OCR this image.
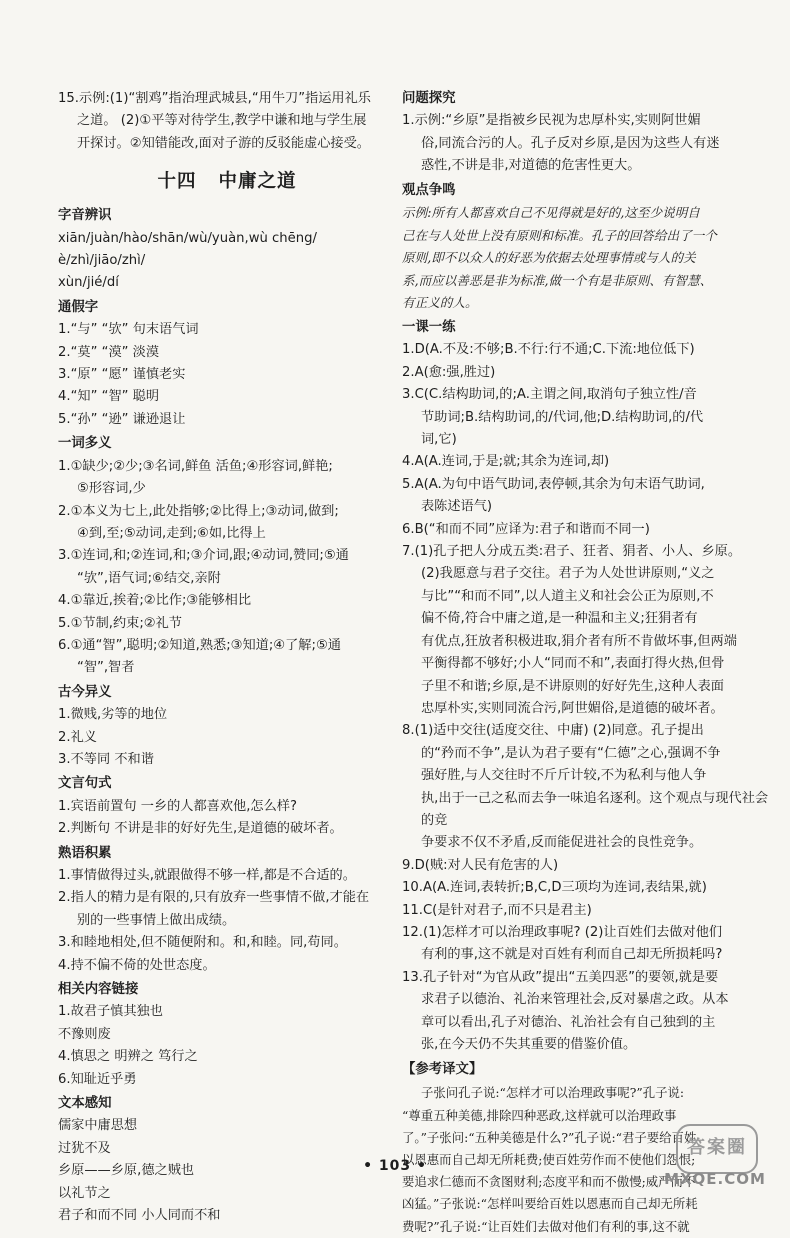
15.示例:(1)“割鸡”指治理武城县,“用牛刀”指运用礼乐
之道。 (2)①平等对待学生,教学中谦和地与学生展
开探讨。②知错能改,面对子游的反驳能虚心接受。
十四 中庸之道
字音辨识
xiān/juàn/hào/shān/wù/yuàn,wù chēng/è/zhì/jiāo/zhì/
xùn/jié/dí
通假字
1.“与” “欤” 句末语气词
2.“莫” “漠” 淡漠
3.“原” “愿” 谨慎老实
4.“知” “智” 聪明
5.“孙” “逊” 谦逊退让
一词多义
1.①缺少;②少;③名词,鲜鱼 活鱼;④形容词,鲜艳;
⑤形容词,少
2.①本义为七上,此处指够;②比得上;③动词,做到;
④到,至;⑤动词,走到;⑥如,比得上
3.①连词,和;②连词,和;③介词,跟;④动词,赞同;⑤通
“欤”,语气词;⑥结交,亲附
4.①靠近,挨着;②比作;③能够相比
5.①节制,约束;②礼节
6.①通“智”,聪明;②知道,熟悉;③知道;④了解;⑤通
“智”,智者
古今异义
1.微贱,劣等的地位
2.礼义
3.不等同 不和谐
文言句式
1.宾语前置句 一乡的人都喜欢他,怎么样?
2.判断句 不讲是非的好好先生,是道德的破坏者。
熟语积累
1.事情做得过头,就跟做得不够一样,都是不合适的。
2.指人的精力是有限的,只有放弃一些事情不做,才能在
别的一些事情上做出成绩。
3.和睦地相处,但不随便附和。和,和睦。同,苟同。
4.持不偏不倚的处世态度。
相关内容链接
1.故君子慎其独也
不豫则废
4.慎思之 明辨之 笃行之
6.知耻近乎勇
文本感知
儒家中庸思想
过犹不及
乡原——乡原,德之贼也
以礼节之
君子和而不同 小人同而不和
问题探究
1.示例:“乡原”是指被乡民视为忠厚朴实,实则阿世媚
俗,同流合污的人。孔子反对乡原,是因为这些人有迷
惑性,不讲是非,对道德的危害性更大。
观点争鸣
示例:所有人都喜欢自己不见得就是好的,这至少说明自
己在与人处世上没有原则和标准。孔子的回答给出了一个
原则,即不以众人的好恶为依据去处理事情或与人的关
系,而应以善恶是非为标准,做一个有是非原则、有智慧、
有正义的人。
一课一练
1.D(A.不及:不够;B.不行:行不通;C.下流:地位低下)
2.A(愈:强,胜过)
3.C(C.结构助词,的;A.主谓之间,取消句子独立性/音
节助词;B.结构助词,的/代词,他;D.结构助词,的/代
词,它)
4.A(A.连词,于是;就;其余为连词,却)
5.A(A.为句中语气助词,表停顿,其余为句末语气助词,
表陈述语气)
6.B(“和而不同”应译为:君子和谐而不同一)
7.(1)孔子把人分成五类:君子、狂者、狷者、小人、乡原。
(2)我愿意与君子交往。君子为人处世讲原则,“义之
与比”“和而不同”,以人道主义和社会公正为原则,不
偏不倚,符合中庸之道,是一种温和主义;狂狷者有
有优点,狂放者积极进取,狷介者有所不肯做坏事,但两端
平衡得都不够好;小人“同而不和”,表面打得火热,但骨
子里不和谐;乡原,是不讲原则的好好先生,这种人表面
忠厚朴实,实则同流合污,阿世媚俗,是道德的破坏者。
8.(1)适中交往(适度交往、中庸) (2)同意。孔子提出
的“矜而不争”,是认为君子要有“仁德”之心,强调不争
强好胜,与人交往时不斤斤计较,不为私利与他人争
执,出于一己之私而去争一味追名逐利。这个观点与现代社会的竞
争要求不仅不矛盾,反而能促进社会的良性竞争。
9.D(贼:对人民有危害的人)
10.A(A.连词,表转折;B,C,D三项均为连词,表结果,就)
11.C(是针对君子,而不只是君主)
12.(1)怎样才可以治理政事呢? (2)让百姓们去做对他们
有利的事,这不就是对百姓有利而自己却无所损耗吗?
13.孔子针对“为官从政”提出“五美四恶”的要领,就是要
求君子以德治、礼治来管理社会,反对暴虐之政。从本
章可以看出,孔子对德治、礼治社会有自己独到的主
张,在今天仍不失其重要的借鉴价值。
【参考译文】
子张问孔子说:“怎样才可以治理政事呢?”孔子说:
“尊重五种美德,排除四种恶政,这样就可以治理政事
了。”子张问:“五种美德是什么?”孔子说:“君子要给百姓
以恩惠而自己却无所耗费;使百姓劳作而不使他们怨恨;
要追求仁德而不贪图财利;态度平和而不傲慢;威严而不
凶猛。”子张说:“怎样叫要给百姓以恩惠而自己却无所耗
费呢?”孔子说:“让百姓们去做对他们有利的事,这不就
• 103 •
答案圈
MXQE.COM
